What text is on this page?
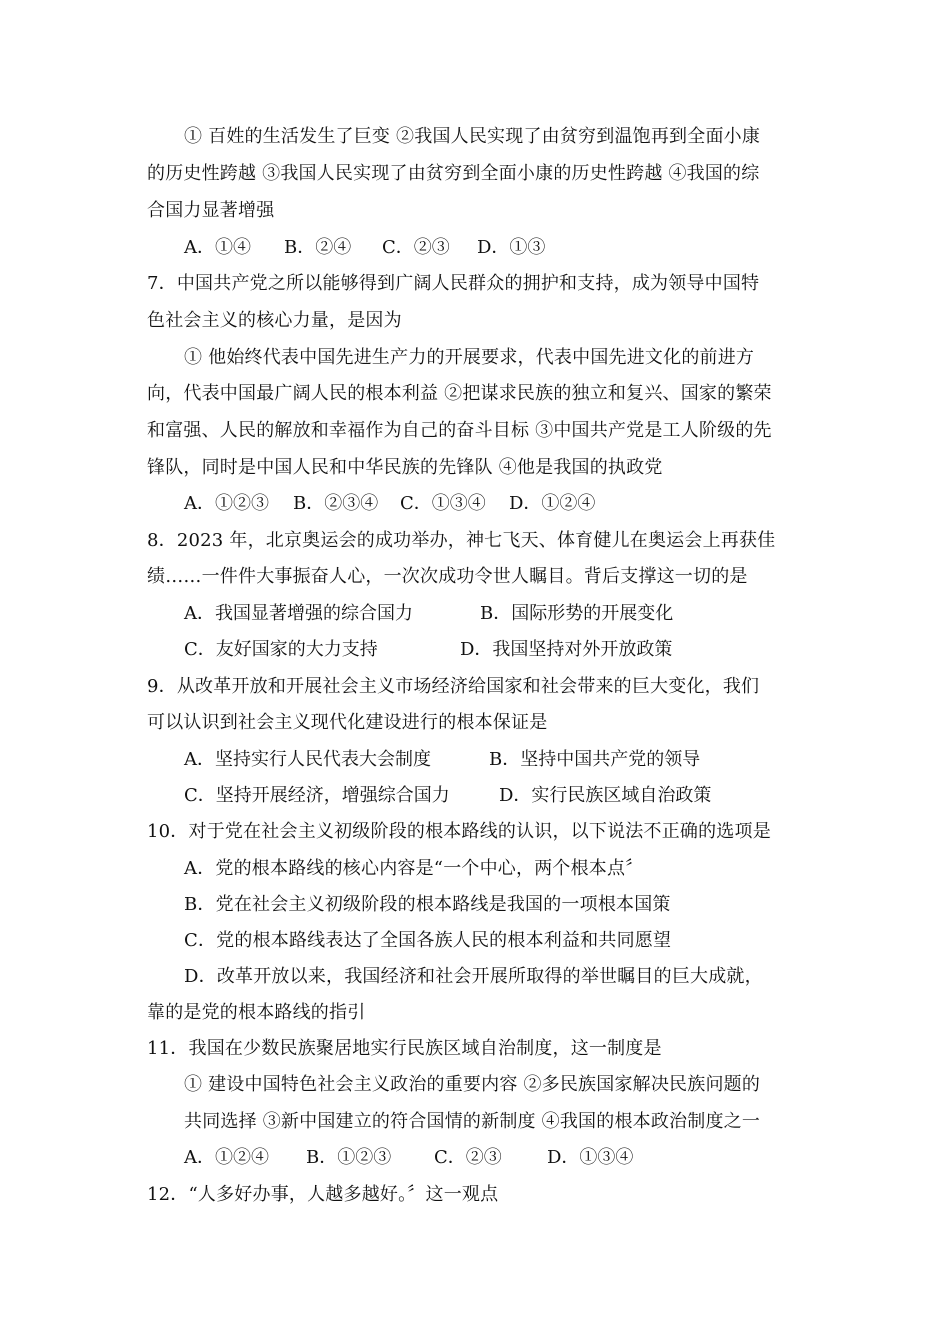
① 百姓的生活发生了巨变 ②我国人民实现了由贫穷到温饱再到全面小康
的历史性跨越 ③我国人民实现了由贫穷到全面小康的历史性跨越 ④我国的综
合国力显著增强
A．①④ B．②④ C．②③ D．①③
7．中国共产党之所以能够得到广阔人民群众的拥护和支持，成为领导中国特
色社会主义的核心力量，是因为
① 他始终代表中国先进生产力的开展要求，代表中国先进文化的前进方
向，代表中国最广阔人民的根本利益 ②把谋求民族的独立和复兴、国家的繁荣
和富强、人民的解放和幸福作为自己的奋斗目标 ③中国共产党是工人阶级的先
锋队，同时是中国人民和中华民族的先锋队 ④他是我国的执政党
A．①②③ B．②③④ C．①③④ D．①②④
8．2023 年，北京奥运会的成功举办，神七飞天、体育健儿在奥运会上再获佳
绩……一件件大事振奋人心，一次次成功令世人瞩目。背后支撑这一切的是
A．我国显著增强的综合国力	B．国际形势的开展变化
C．友好国家的大力支持	D．我国坚持对外开放政策
9．从改革开放和开展社会主义市场经济给国家和社会带来的巨大变化，我们
可以认识到社会主义现代化建设进行的根本保证是
A．坚持实行人民代表大会制度	B．坚持中国共产党的领导
C．坚持开展经济，增强综合国力	D．实行民族区域自治政策
10．对于党在社会主义初级阶段的根本路线的认识，以下说法不正确的选项是
A．党的根本路线的核心内容是“一个中心，两个根本点〞
B．党在社会主义初级阶段的根本路线是我国的一项根本国策
C．党的根本路线表达了全国各族人民的根本利益和共同愿望
D．改革开放以来，我国经济和社会开展所取得的举世瞩目的巨大成就，
靠的是党的根本路线的指引
11．我国在少数民族聚居地实行民族区域自治制度，这一制度是
① 建设中国特色社会主义政治的重要内容 ②多民族国家解决民族问题的
共同选择 ③新中国建立的符合国情的新制度 ④我国的根本政治制度之一
A．①②④ B．①②③ C．②③	D．①③④
12．“人多好办事，人越多越好。〞这一观点
